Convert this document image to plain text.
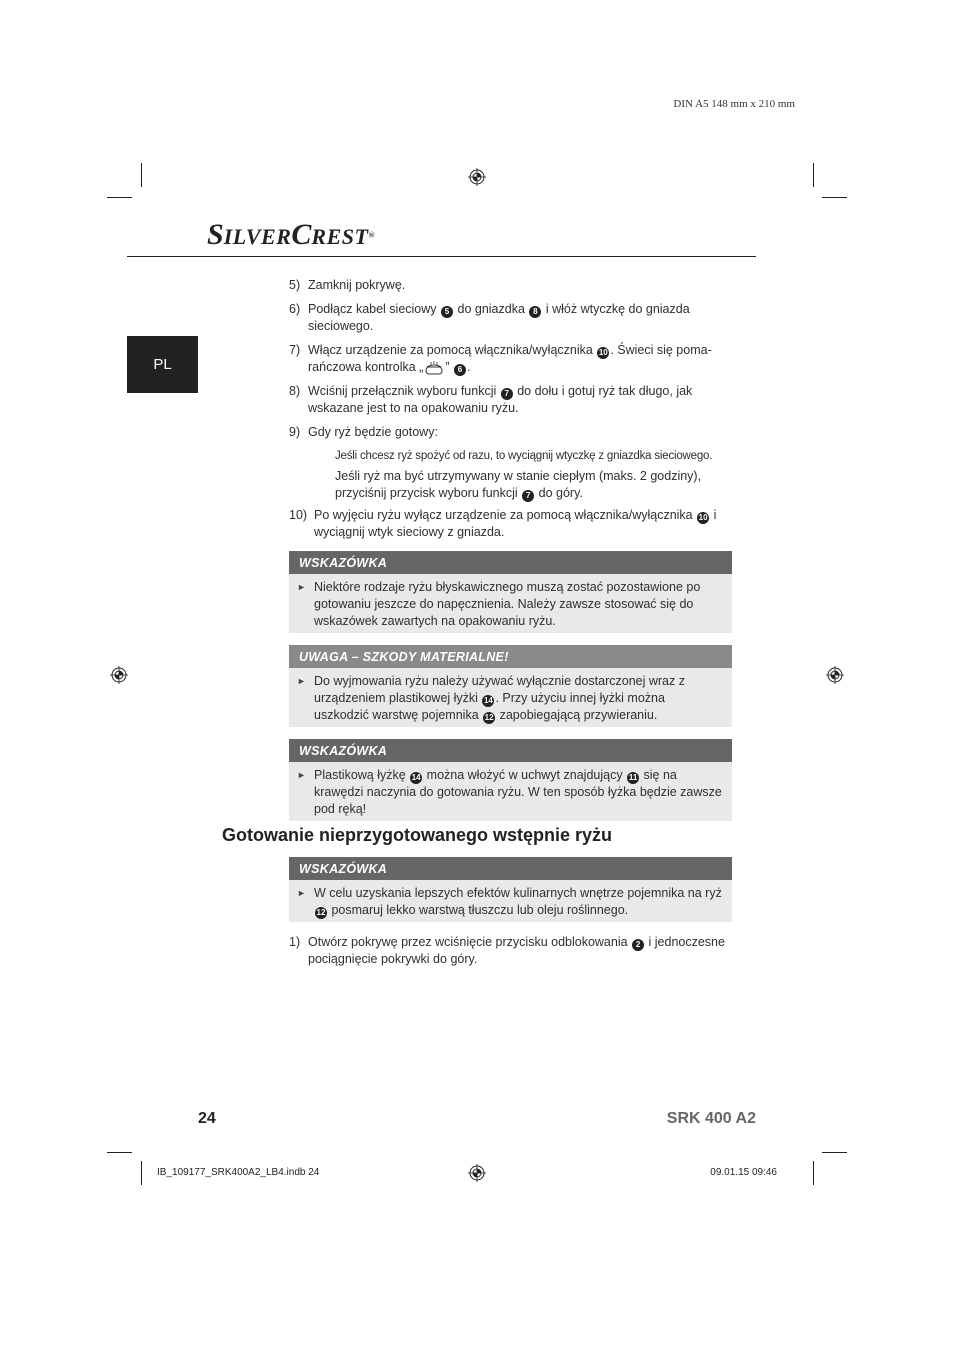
DIN A5 148 mm x 210 mm
SILVERCREST®
PL
5) Zamknij pokrywę.
6) Podłącz kabel sieciowy 5 do gniazdka 8 i włóż wtyczkę do gniazda sieciowego.
7) Włącz urządzenie za pomocą włącznika/wyłącznika 10 . Świeci się poma-rańczowa kontrolka „ ” 6 .
8) Wciśnij przełącznik wyboru funkcji 7 do dołu i gotuj ryż tak długo, jak wskazane jest to na opakowaniu ryżu.
9) Gdy ryż będzie gotowy:
Jeśli chcesz ryż spożyć od razu, to wyciągnij wtyczkę z gniazdka sieciowego.
Jeśli ryż ma być utrzymywany w stanie ciepłym (maks. 2 godziny), przyciśnij przycisk wyboru funkcji 7 do góry.
10) Po wyjęciu ryżu wyłącz urządzenie za pomocą włącznika/wyłącznika 10 i wyciągnij wtyk sieciowy z gniazda.
WSKAZÓWKA
► Niektóre rodzaje ryżu błyskawicznego muszą zostać pozostawione po gotowaniu jeszcze do napęcznienia. Należy zawsze stosować się do wskazówek zawartych na opakowaniu ryżu.
UWAGA – SZKODY MATERIALNE!
► Do wyjmowania ryżu należy używać wyłącznie dostarczonej wraz z urządzeniem plastikowej łyżki 14 . Przy użyciu innej łyżki można uszkodzić warstwę pojemnika 12 zapobiegającą przywieraniu.
WSKAZÓWKA
► Plastikową łyżkę 14 można włożyć w uchwyt znajdujący 11 się na krawędzi naczynia do gotowania ryżu. W ten sposób łyżka będzie zawsze pod ręką!
Gotowanie nieprzygotowanego wstępnie ryżu
WSKAZÓWKA
► W celu uzyskania lepszych efektów kulinarnych wnętrze pojemnika na ryż 12 posmaruj lekko warstwą tłuszczu lub oleju roślinnego.
1) Otwórz pokrywę przez wciśnięcie przycisku odblokowania 2 i jednoczesne pociągnięcie pokrywki do góry.
24	SRK 400 A2
IB_109177_SRK400A2_LB4.indb 24	09.01.15 09:46
